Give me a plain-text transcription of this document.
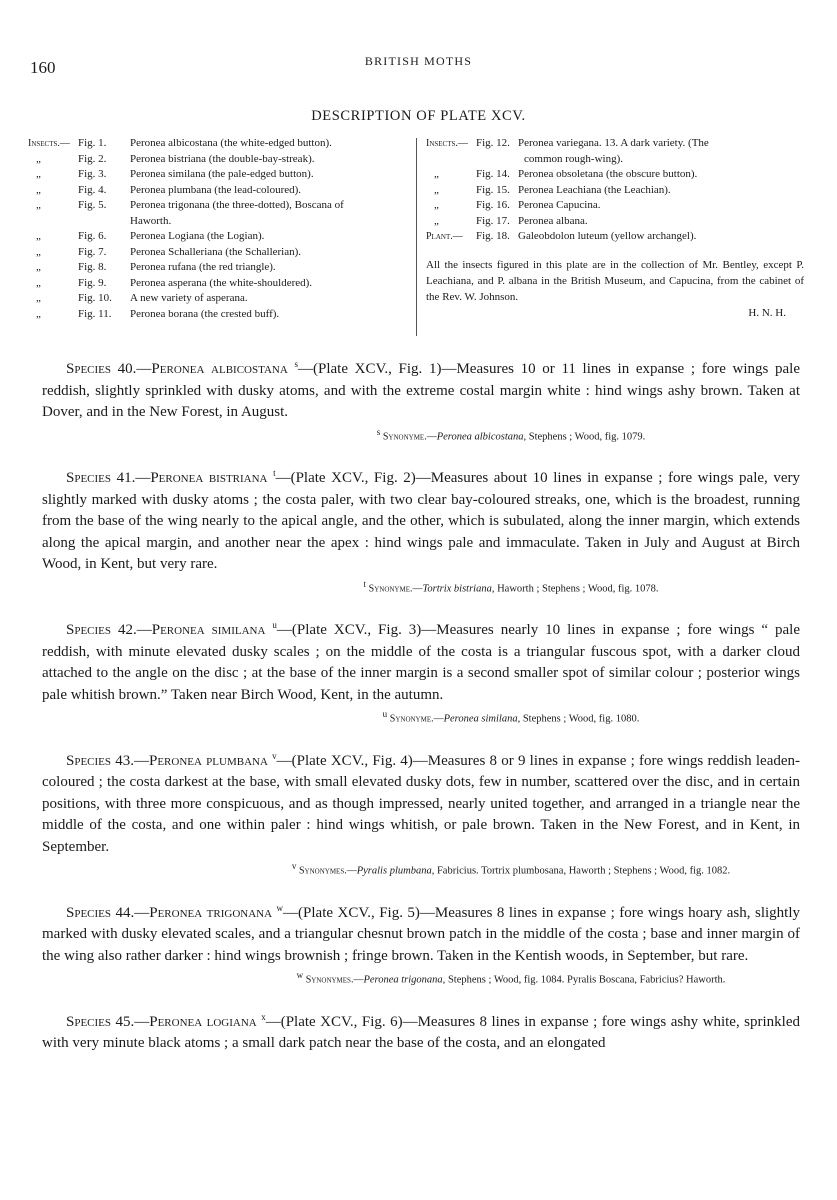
160	BRITISH MOTHS
DESCRIPTION OF PLATE XCV.
Insects.— Fig. 1.	Peronea albicostana (the white-edged button).
„	Fig. 2.	Peronea bistriana (the double-bay-streak).
„	Fig. 3.	Peronea similana (the pale-edged button).
„	Fig. 4.	Peronea plumbana (the lead-coloured).
„	Fig. 5.	Peronea trigonana (the three-dotted), Boscana of
Haworth.
„	Fig. 6.	Peronea Logiana (the Logian).
„	Fig. 7.	Peronea Schalleriana (the Schallerian).
„	Fig. 8.	Peronea rufana (the red triangle).
„	Fig. 9.	Peronea asperana (the white-shouldered).
„	Fig. 10.	A new variety of asperana.
„	Fig. 11.	Peronea borana (the crested buff).
Insects.— Fig. 12. Peronea variegana. 13. A dark variety. (The
common rough-wing).
„	Fig. 14. Peronea obsoletana (the obscure button).
„	Fig. 15. Peronea Leachiana (the Leachian).
„	Fig. 16. Peronea Capucina.
„	Fig. 17. Peronea albana.
Plant.—	Fig. 18. Galeobdolon luteum (yellow archangel).
All the insects figured in this plate are in the collection of Mr. Bentley, except P. Leachiana, and P. albana in the British Museum, and Capucina, from the cabinet of the Rev. W. Johnson.
H. N. H.

Species 40.—Peronea albicostana $^s$—(Plate XCV., Fig. 1)—Measures 10 or 11 lines in expanse ; fore wings pale reddish, slightly sprinkled with dusky atoms, and with the extreme costal margin white : hind wings ashy brown. Taken at Dover, and in the New Forest, in August.

s Synonyme.—Peronea albicostana, Stephens ; Wood, fig. 1079.

Species 41.—Peronea bistriana $^t$—(Plate XCV., Fig. 2)—Measures about 10 lines in expanse ; fore wings pale, very slightly marked with dusky atoms ; the costa paler, with two clear bay-coloured streaks, one, which is the broadest, running from the base of the wing nearly to the apical angle, and the other, which is subulated, along the inner margin, which extends along the apical margin, and another near the apex : hind wings pale and immaculate. Taken in July and August at Birch Wood, in Kent, but very rare.

t Synonyme.—Tortrix bistriana, Haworth ; Stephens ; Wood, fig. 1078.

Species 42.—Peronea similana $^u$—(Plate XCV., Fig. 3)—Measures nearly 10 lines in expanse ; fore wings “ pale reddish, with minute elevated dusky scales ; on the middle of the costa is a triangular fuscous spot, with a darker cloud attached to the angle on the disc ; at the base of the inner margin is a second smaller spot of similar colour ; posterior wings pale whitish brown.” Taken near Birch Wood, Kent, in the autumn.

u Synonyme.—Peronea similana, Stephens ; Wood, fig. 1080.

Species 43.—Peronea plumbana $^v$—(Plate XCV., Fig. 4)—Measures 8 or 9 lines in expanse ; fore wings reddish leaden-coloured ; the costa darkest at the base, with small elevated dusky dots, few in number, scattered over the disc, and in certain positions, with three more conspicuous, and as though impressed, nearly united together, and arranged in a triangle near the middle of the costa, and one within paler : hind wings whitish, or pale brown. Taken in the New Forest, and in Kent, in September.

v Synonymes.—Pyralis plumbana, Fabricius. Tortrix plumbosana, Haworth ; Stephens ; Wood, fig. 1082.

Species 44.—Peronea trigonana $^w$—(Plate XCV., Fig. 5)—Measures 8 lines in expanse ; fore wings hoary ash, slightly marked with dusky elevated scales, and a triangular chesnut brown patch in the middle of the costa ; base and inner margin of the wing also rather darker : hind wings brownish ; fringe brown. Taken in the Kentish woods, in September, but rare.

w Synonymes.—Peronea trigonana, Stephens ; Wood, fig. 1084. Pyralis Boscana, Fabricius? Haworth.

Species 45.—Peronea logiana $^x$—(Plate XCV., Fig. 6)—Measures 8 lines in expanse ; fore wings ashy white, sprinkled with very minute black atoms ; a small dark patch near the base of the costa, and an elongated
